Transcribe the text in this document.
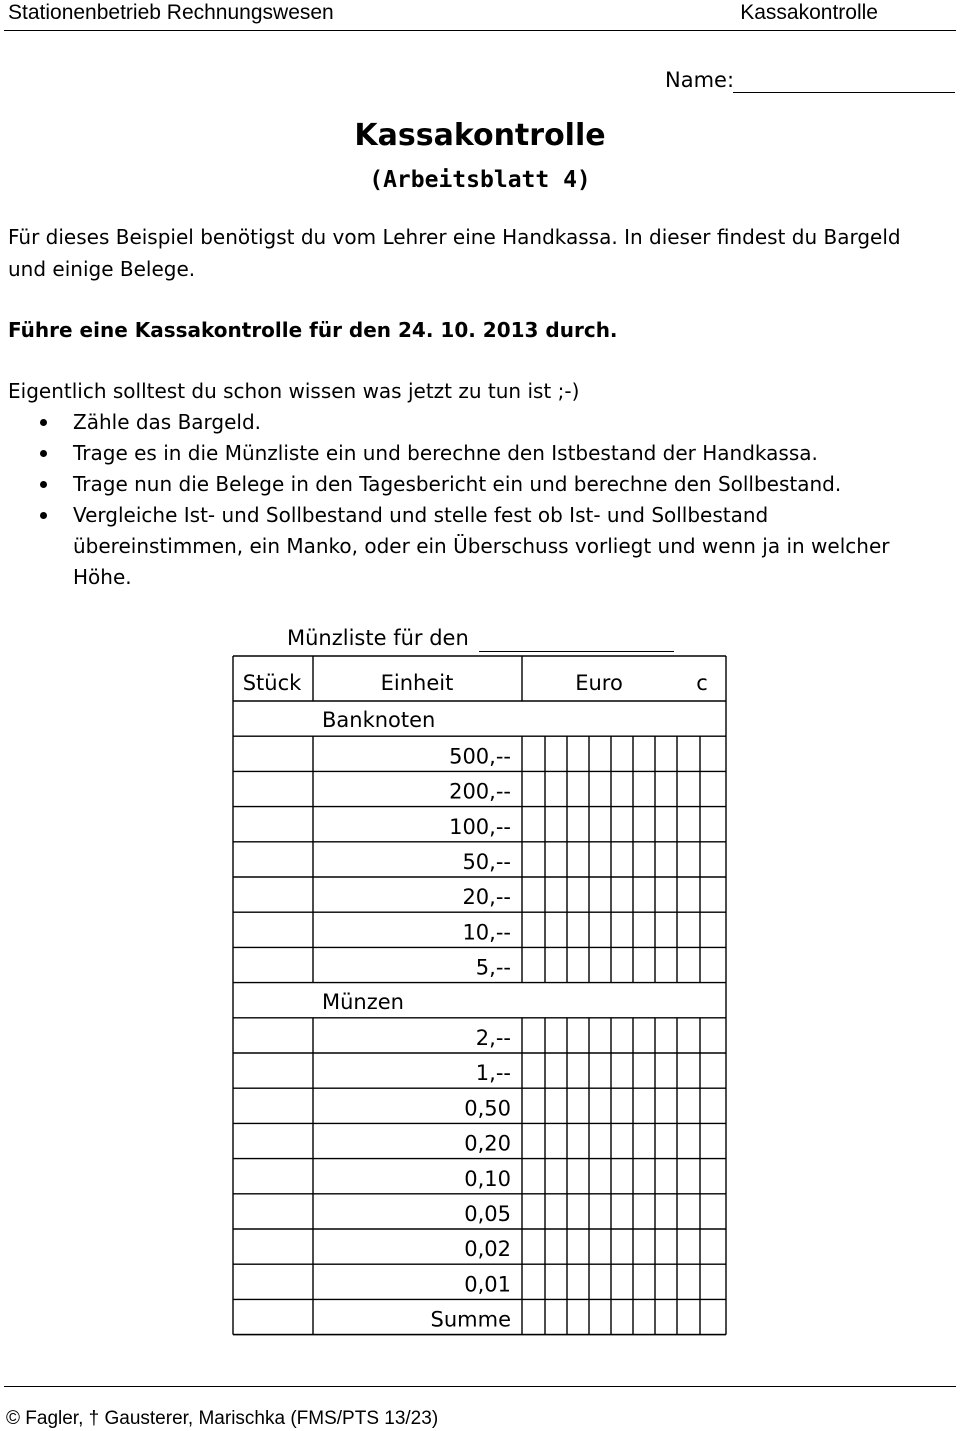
Stationenbetrieb Rechnungswesen	Kassakontrolle
Name:
Kassakontrolle
(Arbeitsblatt 4)
Für dieses Beispiel benötigst du vom Lehrer eine Handkassa. In dieser findest du Bargeld
und einige Belege.
Führe eine Kassakontrolle für den 24. 10. 2013 durch.
Eigentlich solltest du schon wissen was jetzt zu tun ist ;-)
Zähle das Bargeld.
Trage es in die Münzliste ein und berechne den Istbestand der Handkassa.
Trage nun die Belege in den Tagesbericht ein und berechne den Sollbestand.
Vergleiche Ist- und Sollbestand und stelle fest ob Ist- und Sollbestand
übereinstimmen, ein Manko, oder ein Überschuss vorliegt und wenn ja in welcher
Höhe.
Münzliste für den
Stück	Einheit	Euro	c
Banknoten
500,--
200,--
100,--
50,--
20,--
10,--
5,--
Münzen
2,--
1,--
0,50
0,20
0,10
0,05
0,02
0,01
Summe
© Fagler, † Gausterer, Marischka (FMS/PTS 13/23)
